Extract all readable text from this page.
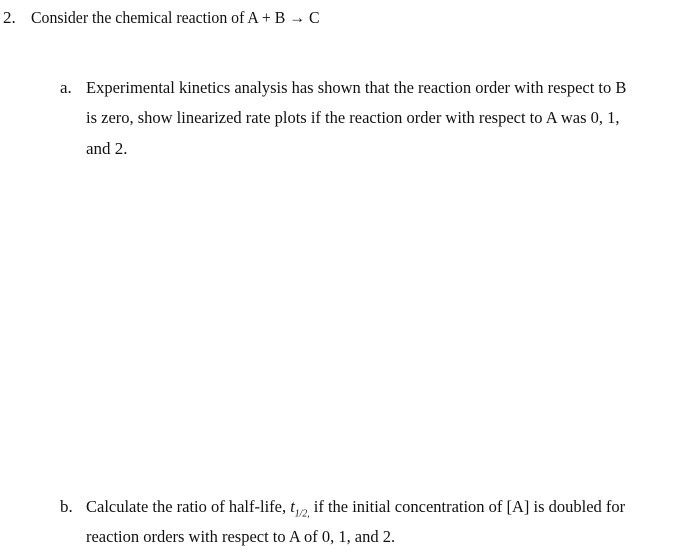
2. Consider the chemical reaction of A + B → C
a. Experimental kinetics analysis has shown that the reaction order with respect to B
is zero, show linearized rate plots if the reaction order with respect to A was 0, 1,
and 2.
b. Calculate the ratio of half-life, $t_{1/2,}$ if the initial concentration of [A] is doubled for
reaction orders with respect to A of 0, 1, and 2.
